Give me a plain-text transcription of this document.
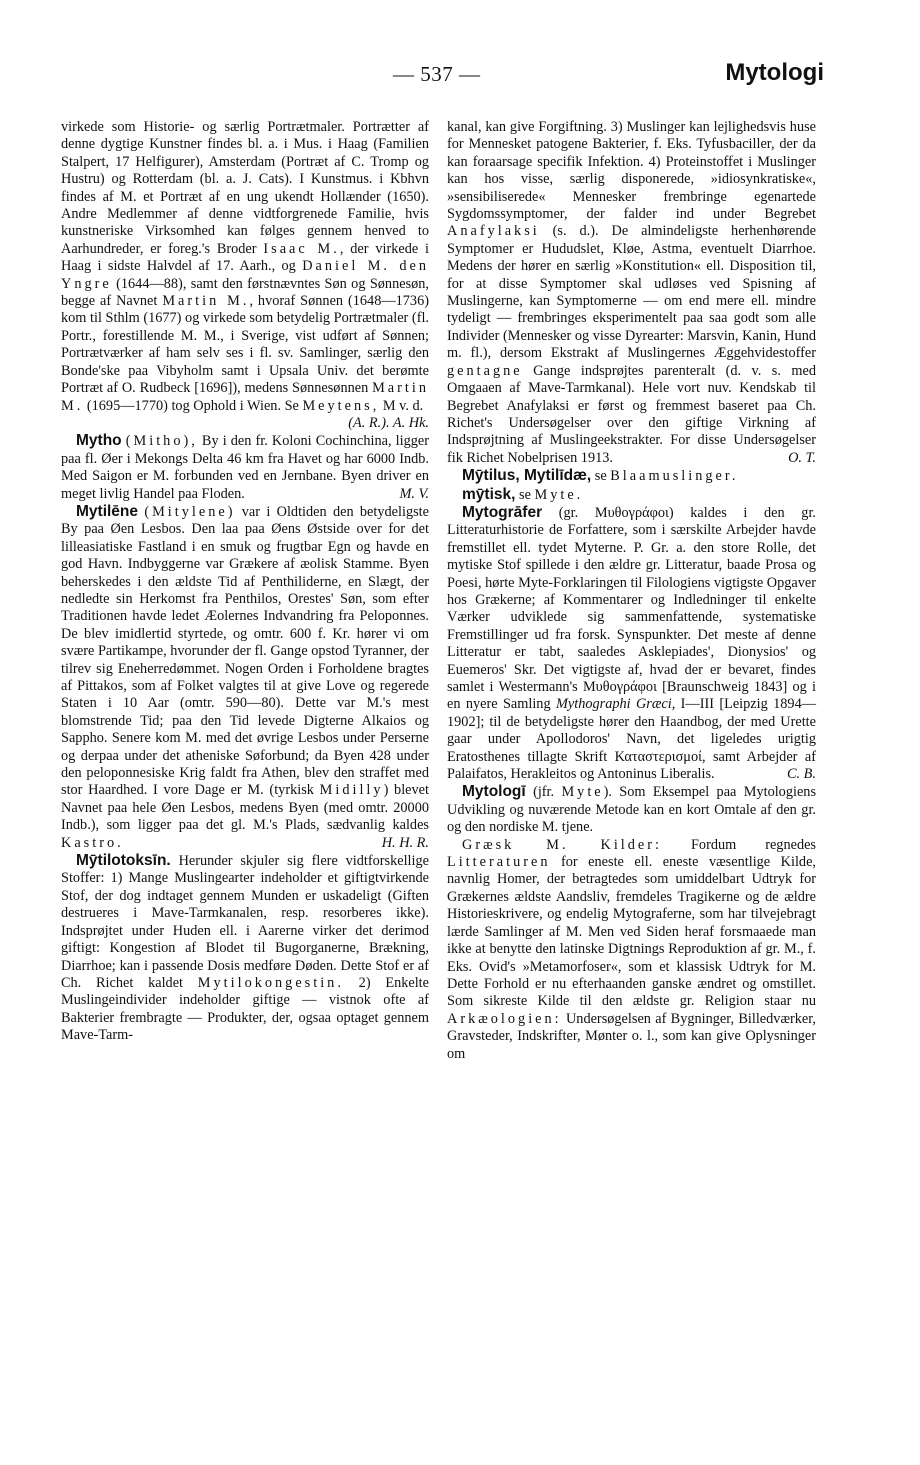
— 537 —	Mytologi

virkede som Historie- og særlig Portrætmaler. Portrætter af denne dygtige Kunstner findes bl. a. i Mus. i Haag (Familien Stalpert, 17 Helfigurer), Amsterdam (Portræt af C. Tromp og Hustru) og Rotterdam (bl. a. J. Cats). I Kunstmus. i Kbhvn findes af M. et Portræt af en ung ukendt Hollænder (1650). Andre Medlemmer af denne vidtforgrenede Familie, hvis kunstneriske Virksomhed kan følges gennem henved to Aarhundreder, er foreg.'s Broder Isaac M., der virkede i Haag i sidste Halvdel af 17. Aarh., og Daniel M. den Yngre (1644—88), samt den førstnævntes Søn og Sønnesøn, begge af Navnet Martin M., hvoraf Sønnen (1648—1736) kom til Sthlm (1677) og virkede som betydelig Portrætmaler (fl. Portr., forestillende M. M., i Sverige, vist udført af Sønnen; Portrætværker af ham selv ses i fl. sv. Samlinger, særlig den Bonde'ske paa Vibyholm samt i Upsala Univ. det berømte Portræt af O. Rudbeck [1696]), medens Sønnesønnen Martin M. (1695—1770) tog Ophold i Wien. Se Meytens, M v. d.
(A. R.). A. Hk.

Mytho (Mitho), By i den fr. Koloni Cochinchina, ligger paa fl. Øer i Mekongs Delta 46 km fra Havet og har 6000 Indb. Med Saigon er M. forbunden ved en Jernbane. Byen driver en meget livlig Handel paa Floden.	M. V.

Mytilēne (Mitylene) var i Oldtiden den betydeligste By paa Øen Lesbos. Den laa paa Øens Østside over for det lilleasiatiske Fastland i en smuk og frugtbar Egn og havde en god Havn. Indbyggerne var Grækere af æolisk Stamme. Byen beherskedes i den ældste Tid af Penthiliderne, en Slægt, der nedledte sin Herkomst fra Penthilos, Orestes' Søn, som efter Traditionen havde ledet Æolernes Indvandring fra Peloponnes. De blev imidlertid styrtede, og omtr. 600 f. Kr. hører vi om svære Partikampe, hvorunder der fl. Gange opstod Tyranner, der tilrev sig Eneherredømmet. Nogen Orden i Forholdene bragtes af Pittakos, som af Folket valgtes til at give Love og regerede Staten i 10 Aar (omtr. 590—80). Dette var M.'s mest blomstrende Tid; paa den Tid levede Digterne Alkaios og Sappho. Senere kom M. med det øvrige Lesbos under Perserne og derpaa under det atheniske Søforbund; da Byen 428 under den peloponnesiske Krig faldt fra Athen, blev den straffet med stor Haardhed. I vore Dage er M. (tyrkisk Midilly) blevet Navnet paa hele Øen Lesbos, medens Byen (med omtr. 20000 Indb.), som ligger paa det gl. M.'s Plads, sædvanlig kaldes Kastro.	H. H. R.

Mȳtilotoksīn. Herunder skjuler sig flere vidtforskellige Stoffer: 1) Mange Muslingearter indeholder et giftigtvirkende Stof, der dog indtaget gennem Munden er uskadeligt (Giften destrueres i Mave-Tarmkanalen, resp. resorberes ikke). Indsprøjtet under Huden ell. i Aarerne virker det derimod giftigt: Kongestion af Blodet til Bugorganerne, Brækning, Diarrhoe; kan i passende Dosis medføre Døden. Dette Stof er af Ch. Richet kaldet Mytilokongestin. 2) Enkelte Muslingeindivider indeholder giftige — vistnok ofte af Bakterier frembragte — Produkter, der, ogsaa optaget gennem Mave-Tarm-

kanal, kan give Forgiftning. 3) Muslinger kan lejlighedsvis huse for Mennesket patogene Bakterier, f. Eks. Tyfusbaciller, der da kan foraarsage specifik Infektion. 4) Proteinstoffet i Muslinger kan hos visse, særlig disponerede, »idiosynkratiske«, »sensibiliserede« Mennesker frembringe egenartede Sygdomssymptomer, der falder ind under Begrebet Anafylaksi (s. d.). De almindeligste herhenhørende Symptomer er Hududslet, Kløe, Astma, eventuelt Diarrhoe. Medens der hører en særlig »Konstitution« ell. Disposition til, for at disse Symptomer skal udløses ved Spisning af Muslingerne, kan Symptomerne — om end mere ell. mindre tydeligt — frembringes eksperimentelt paa saa godt som alle Individer (Mennesker og visse Dyrearter: Marsvin, Kanin, Hund m. fl.), dersom Ekstrakt af Muslingernes Æggehvidestoffer gentagne Gange indsprøjtes parenteralt (d. v. s. med Omgaaen af Mave-Tarmkanal). Hele vort nuv. Kendskab til Begrebet Anafylaksi er først og fremmest baseret paa Ch. Richet's Undersøgelser over den giftige Virkning af Indsprøjtning af Muslingeekstrakter. For disse Undersøgelser fik Richet Nobelprisen 1913.	O. T.

Mȳtilus, Mytilīdæ, se Blaamuslinger.

mȳtisk, se Myte.

Mytogrāfer (gr. Μυθογράφοι) kaldes i den gr. Litteraturhistorie de Forfattere, som i særskilte Arbejder havde fremstillet ell. tydet Myterne. P. Gr. a. den store Rolle, det mytiske Stof spillede i den ældre gr. Litteratur, baade Prosa og Poesi, hørte Myte-Forklaringen til Filologiens vigtigste Opgaver hos Grækerne; af Kommentarer og Indledninger til enkelte Værker udviklede sig sammenfattende, systematiske Fremstillinger ud fra forsk. Synspunkter. Det meste af denne Litteratur er tabt, saaledes Asklepiades', Dionysios' og Euemeros' Skr. Det vigtigste af, hvad der er bevaret, findes samlet i Westermann's Μυθογράφοι [Braunschweig 1843] og i en nyere Samling Mythographi Græci, I—III [Leipzig 1894—1902]; til de betydeligste hører den Haandbog, der med Urette gaar under Apollodoros' Navn, det ligeledes urigtig Eratosthenes tillagte Skrift Καταστερισμοί, samt Arbejder af Palaifatos, Herakleitos og Antoninus Liberalis.	C. B.

Mytologī (jfr. Myte). Som Eksempel paa Mytologiens Udvikling og nuværende Metode kan en kort Omtale af den gr. og den nordiske M. tjene.

Græsk M. Kilder: Fordum regnedes Litteraturen for eneste ell. eneste væsentlige Kilde, navnlig Homer, der betragtedes som umiddelbart Udtryk for Grækernes ældste Aandsliv, fremdeles Tragikerne og de ældre Historieskrivere, og endelig Mytograferne, som har tilvejebragt lærde Samlinger af M. Men ved Siden heraf forsmaaede man ikke at benytte den latinske Digtnings Reproduktion af gr. M., f. Eks. Ovid's »Metamorfoser«, som et klassisk Udtryk for M. Dette Forhold er nu efterhaanden ganske ændret og omstillet. Som sikreste Kilde til den ældste gr. Religion staar nu Arkæologien: Undersøgelsen af Bygninger, Billedværker, Gravsteder, Indskrifter, Mønter o. l., som kan give Oplysninger om
